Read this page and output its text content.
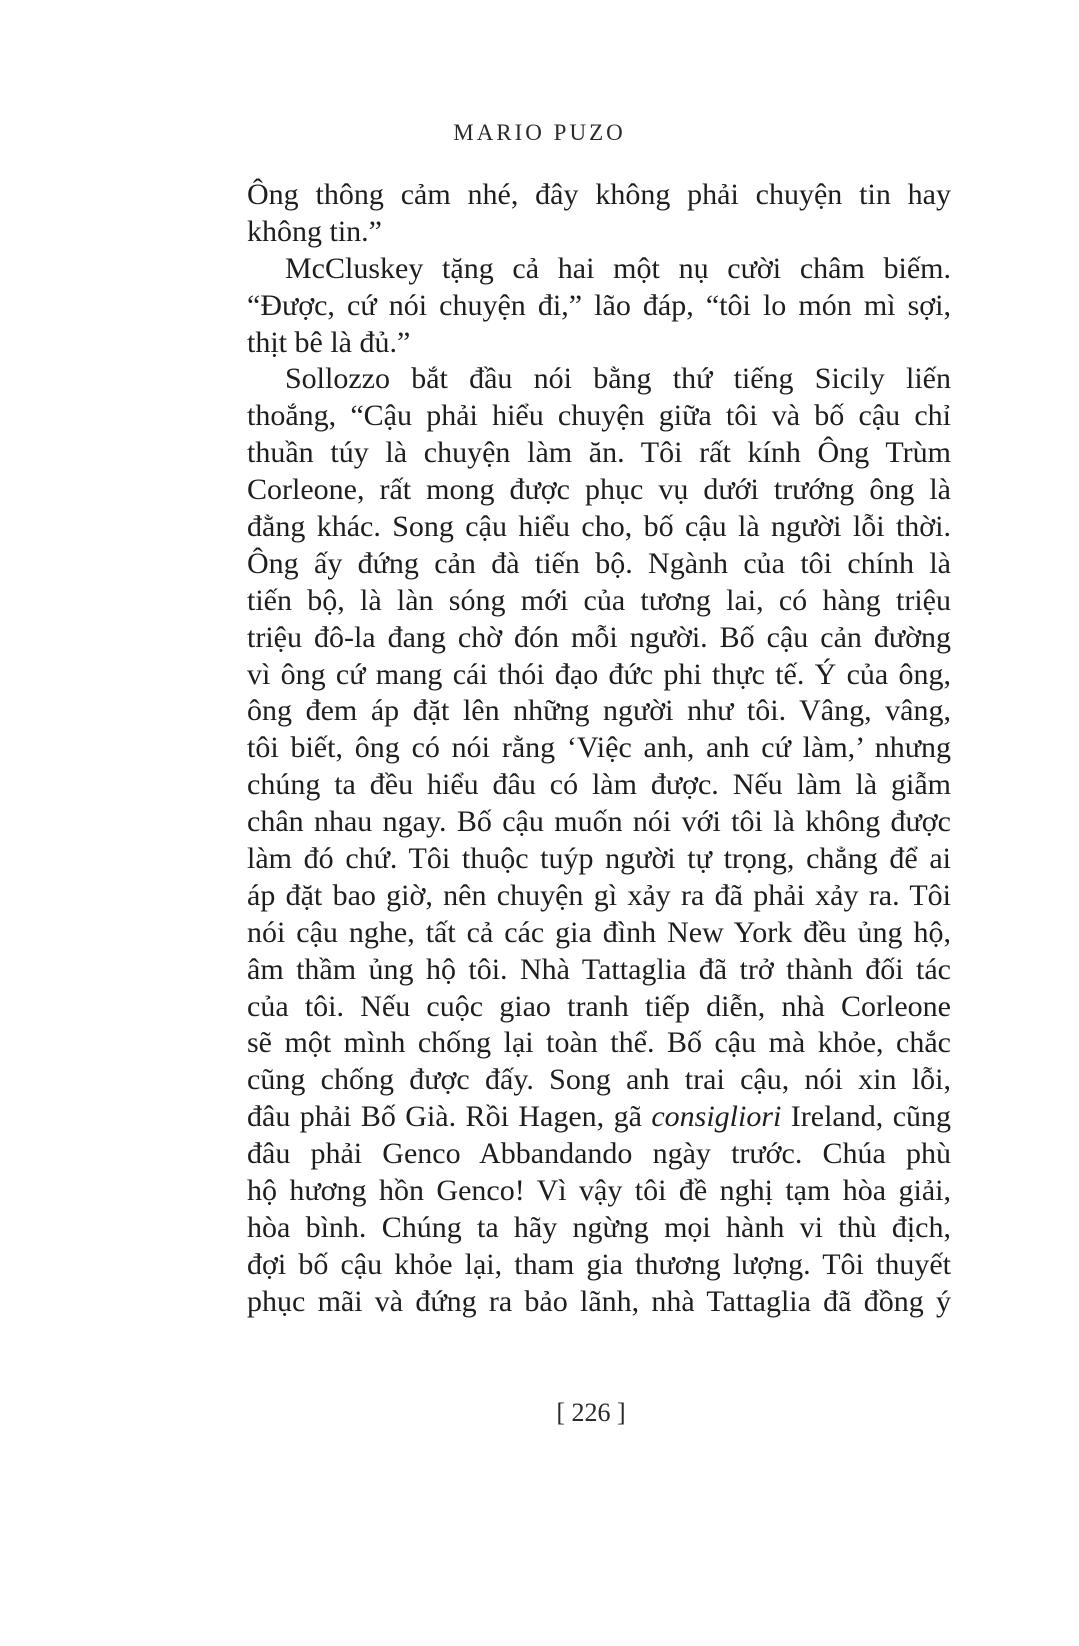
MARIO PUZO

Ông thông cảm nhé, đây không phải chuyện tin hay
không tin.”

McCluskey tặng cả hai một nụ cười châm biếm.
“Được, cứ nói chuyện đi,” lão đáp, “tôi lo món mì sợi,
thịt bê là đủ.”

Sollozzo bắt đầu nói bằng thứ tiếng Sicily liến
thoắng, “Cậu phải hiểu chuyện giữa tôi và bố cậu chỉ
thuần túy là chuyện làm ăn. Tôi rất kính Ông Trùm
Corleone, rất mong được phục vụ dưới trướng ông là
đằng khác. Song cậu hiểu cho, bố cậu là người lỗi thời.
Ông ấy đứng cản đà tiến bộ. Ngành của tôi chính là
tiến bộ, là làn sóng mới của tương lai, có hàng triệu
triệu đô-la đang chờ đón mỗi người. Bố cậu cản đường
vì ông cứ mang cái thói đạo đức phi thực tế. Ý của ông,
ông đem áp đặt lên những người như tôi. Vâng, vâng,
tôi biết, ông có nói rằng ‘Việc anh, anh cứ làm,’ nhưng
chúng ta đều hiểu đâu có làm được. Nếu làm là giẫm
chân nhau ngay. Bố cậu muốn nói với tôi là không được
làm đó chứ. Tôi thuộc tuýp người tự trọng, chẳng để ai
áp đặt bao giờ, nên chuyện gì xảy ra đã phải xảy ra. Tôi
nói cậu nghe, tất cả các gia đình New York đều ủng hộ,
âm thầm ủng hộ tôi. Nhà Tattaglia đã trở thành đối tác
của tôi. Nếu cuộc giao tranh tiếp diễn, nhà Corleone
sẽ một mình chống lại toàn thể. Bố cậu mà khỏe, chắc
cũng chống được đấy. Song anh trai cậu, nói xin lỗi,
đâu phải Bố Già. Rồi Hagen, gã consigliori Ireland, cũng
đâu phải Genco Abbandando ngày trước. Chúa phù
hộ hương hồn Genco! Vì vậy tôi đề nghị tạm hòa giải,
hòa bình. Chúng ta hãy ngừng mọi hành vi thù địch,
đợi bố cậu khỏe lại, tham gia thương lượng. Tôi thuyết
phục mãi và đứng ra bảo lãnh, nhà Tattaglia đã đồng ý

[ 226 ]
